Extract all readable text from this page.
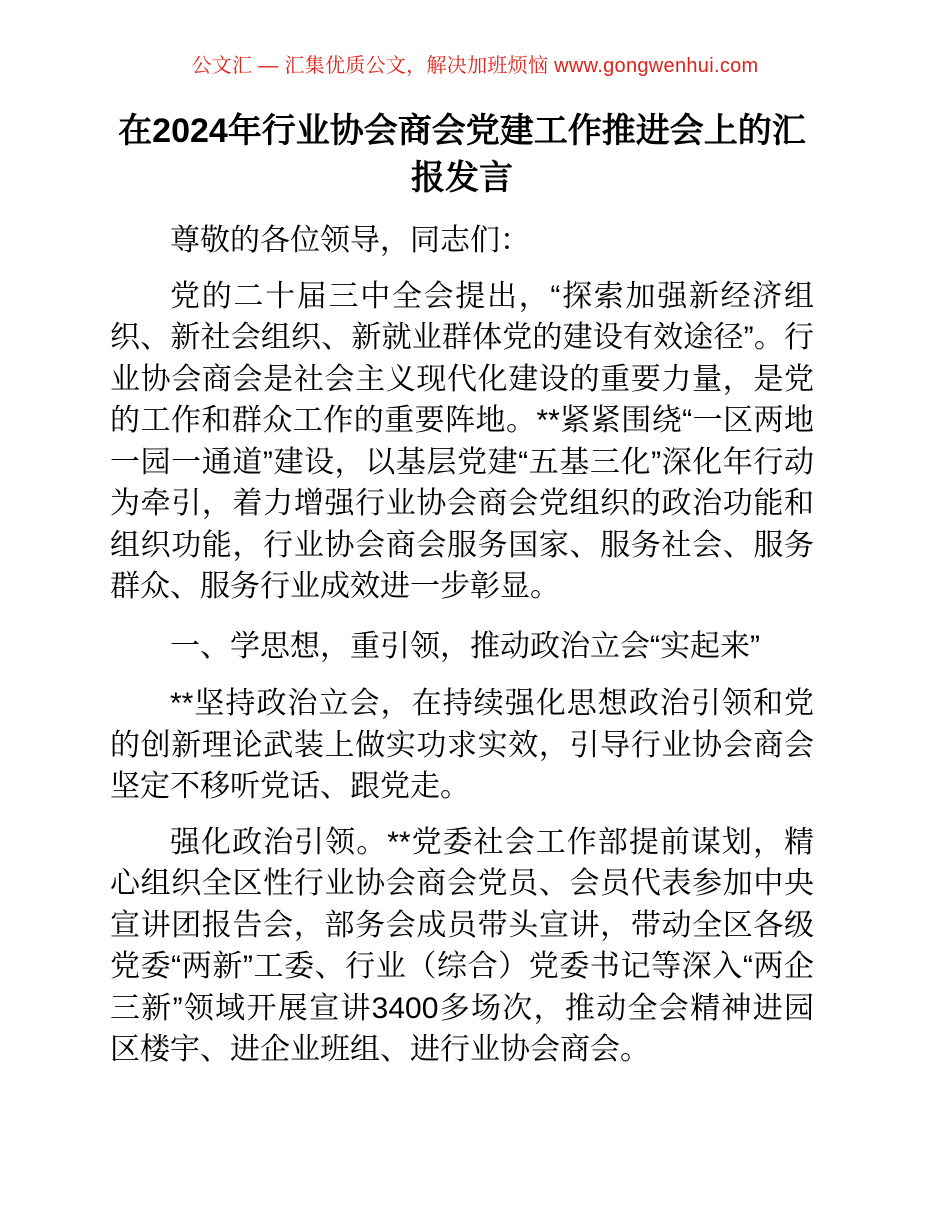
公文汇 — 汇集优质公文，解决加班烦恼 www.gongwenhui.com
在2024年行业协会商会党建工作推进会上的汇报发言

尊敬的各位领导，同志们：

党的二十届三中全会提出，“探索加强新经济组织、新社会组织、新就业群体党的建设有效途径”。行业协会商会是社会主义现代化建设的重要力量，是党的工作和群众工作的重要阵地。**紧紧围绕“一区两地一园一通道”建设，以基层党建“五基三化”深化年行动为牵引，着力增强行业协会商会党组织的政治功能和组织功能，行业协会商会服务国家、服务社会、服务群众、服务行业成效进一步彰显。

一、学思想，重引领，推动政治立会“实起来”

**坚持政治立会，在持续强化思想政治引领和党的创新理论武装上做实功求实效，引导行业协会商会坚定不移听党话、跟党走。

强化政治引领。**党委社会工作部提前谋划，精心组织全区性行业协会商会党员、会员代表参加中央宣讲团报告会，部务会成员带头宣讲，带动全区各级党委“两新”工委、行业（综合）党委书记等深入“两企三新”领域开展宣讲3400多场次，推动全会精神进园区楼宇、进企业班组、进行业协会商会。
